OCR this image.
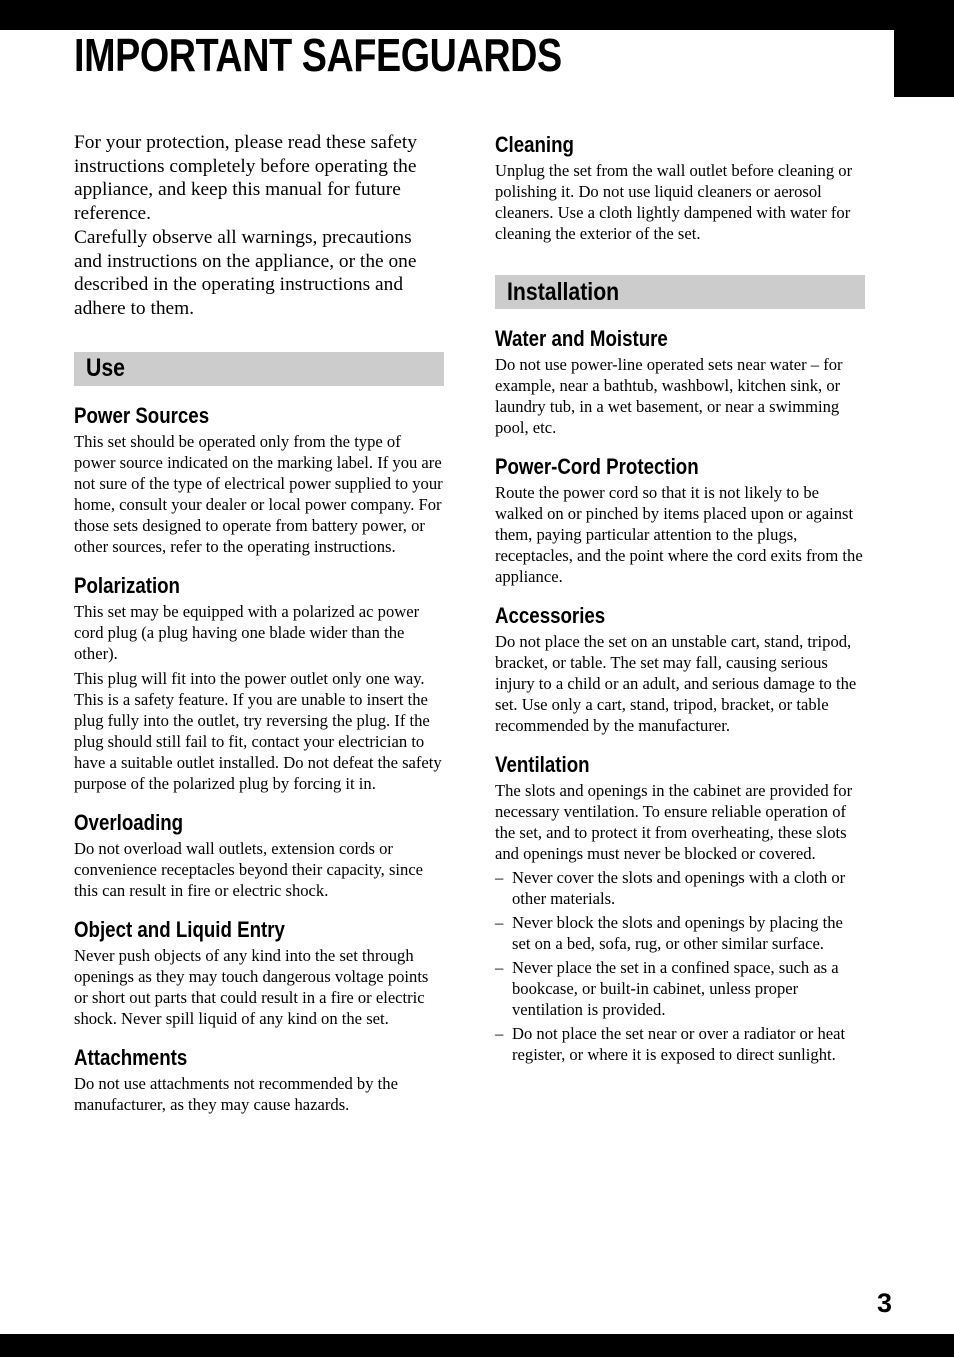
IMPORTANT SAFEGUARDS

For your protection, please read these safety instructions completely before operating the appliance, and keep this manual for future reference.

Carefully observe all warnings, precautions and instructions on the appliance, or the one described in the operating instructions and adhere to them.

Use
Power Sources

This set should be operated only from the type of power source indicated on the marking label. If you are not sure of the type of electrical power supplied to your home, consult your dealer or local power company. For those sets designed to operate from battery power, or other sources, refer to the operating instructions.

Polarization

This set may be equipped with a polarized ac power cord plug (a plug having one blade wider than the other).

This plug will fit into the power outlet only one way. This is a safety feature. If you are unable to insert the plug fully into the outlet, try reversing the plug. If the plug should still fail to fit, contact your electrician to have a suitable outlet installed. Do not defeat the safety purpose of the polarized plug by forcing it in.

Overloading

Do not overload wall outlets, extension cords or convenience receptacles beyond their capacity, since this can result in fire or electric shock.

Object and Liquid Entry

Never push objects of any kind into the set through openings as they may touch dangerous voltage points or short out parts that could result in a fire or electric shock. Never spill liquid of any kind on the set.

Attachments

Do not use attachments not recommended by the manufacturer, as they may cause hazards.

Cleaning

Unplug the set from the wall outlet before cleaning or polishing it. Do not use liquid cleaners or aerosol cleaners. Use a cloth lightly dampened with water for cleaning the exterior of the set.

Installation
Water and Moisture

Do not use power-line operated sets near water – for example, near a bathtub, washbowl, kitchen sink, or laundry tub, in a wet basement, or near a swimming pool, etc.

Power-Cord Protection

Route the power cord so that it is not likely to be walked on or pinched by items placed upon or against them, paying particular attention to the plugs, receptacles, and the point where the cord exits from the appliance.

Accessories

Do not place the set on an unstable cart, stand, tripod, bracket, or table. The set may fall, causing serious injury to a child or an adult, and serious damage to the set. Use only a cart, stand, tripod, bracket, or table recommended by the manufacturer.

Ventilation

The slots and openings in the cabinet are provided for necessary ventilation. To ensure reliable operation of the set, and to protect it from overheating, these slots and openings must never be blocked or covered.

– Never cover the slots and openings with a cloth or other materials.
– Never block the slots and openings by placing the set on a bed, sofa, rug, or other similar surface.
– Never place the set in a confined space, such as a bookcase, or built-in cabinet, unless proper ventilation is provided.
– Do not place the set near or over a radiator or heat register, or where it is exposed to direct sunlight.
3
